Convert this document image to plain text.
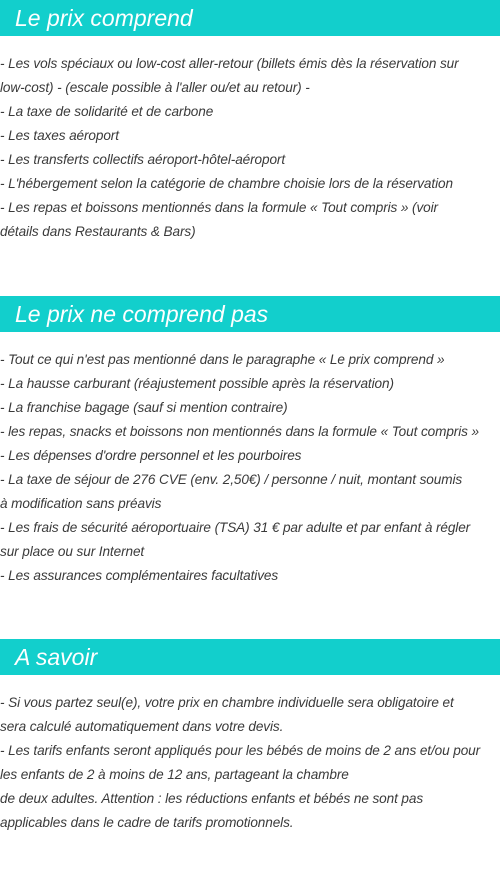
Le prix comprend
- Les vols spéciaux ou low-cost aller-retour (billets émis dès la réservation sur
low-cost) - (escale possible à l'aller ou/et au retour) -
- La taxe de solidarité et de carbone
- Les taxes aéroport
- Les transferts collectifs aéroport-hôtel-aéroport
- L'hébergement selon la catégorie de chambre choisie lors de la réservation
- Les repas et boissons mentionnés dans la formule « Tout compris » (voir
détails dans Restaurants & Bars)
Le prix ne comprend pas
- Tout ce qui n'est pas mentionné dans le paragraphe « Le prix comprend »
- La hausse carburant (réajustement possible après la réservation)
- La franchise bagage (sauf si mention contraire)
- les repas, snacks et boissons non mentionnés dans la formule « Tout compris »
- Les dépenses d'ordre personnel et les pourboires
- La taxe de séjour de 276 CVE (env. 2,50€) / personne / nuit, montant soumis
à modification sans préavis
- Les frais de sécurité aéroportuaire (TSA) 31 € par adulte et par enfant à régler
sur place ou sur Internet
- Les assurances complémentaires facultatives
A savoir
- Si vous partez seul(e), votre prix en chambre individuelle sera obligatoire et
sera calculé automatiquement dans votre devis.
- Les tarifs enfants seront appliqués pour les bébés de moins de 2 ans et/ou pour
les enfants de 2 à moins de 12 ans, partageant la chambre
de deux adultes. Attention : les réductions enfants et bébés ne sont pas
applicables dans le cadre de tarifs promotionnels.
